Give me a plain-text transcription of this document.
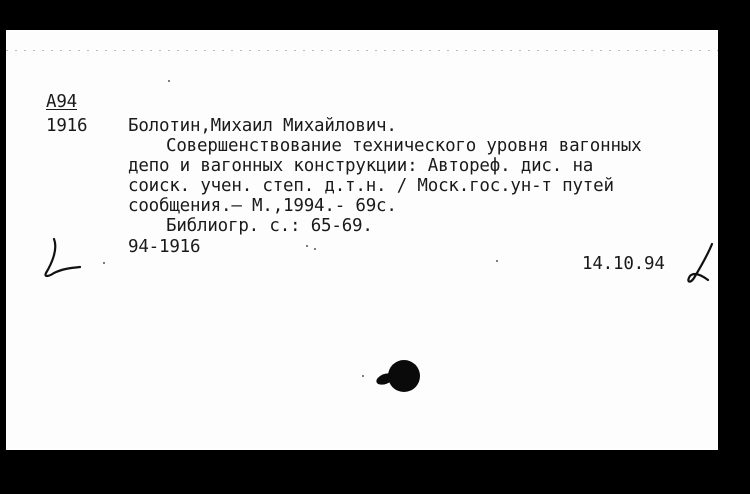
А94
1916 Болотин,Михаил Михайлович.
Совершенствование технического уровня вагонных
депо и вагонных конструкции: Автореф. дис. на
соиск. учен. степ. д.т.н. / Моск.гос.ун-т путей
сообщения.— М.,1994.- 69с.
Библиогр. с.: 65-69.
94-1916
14.10.94
